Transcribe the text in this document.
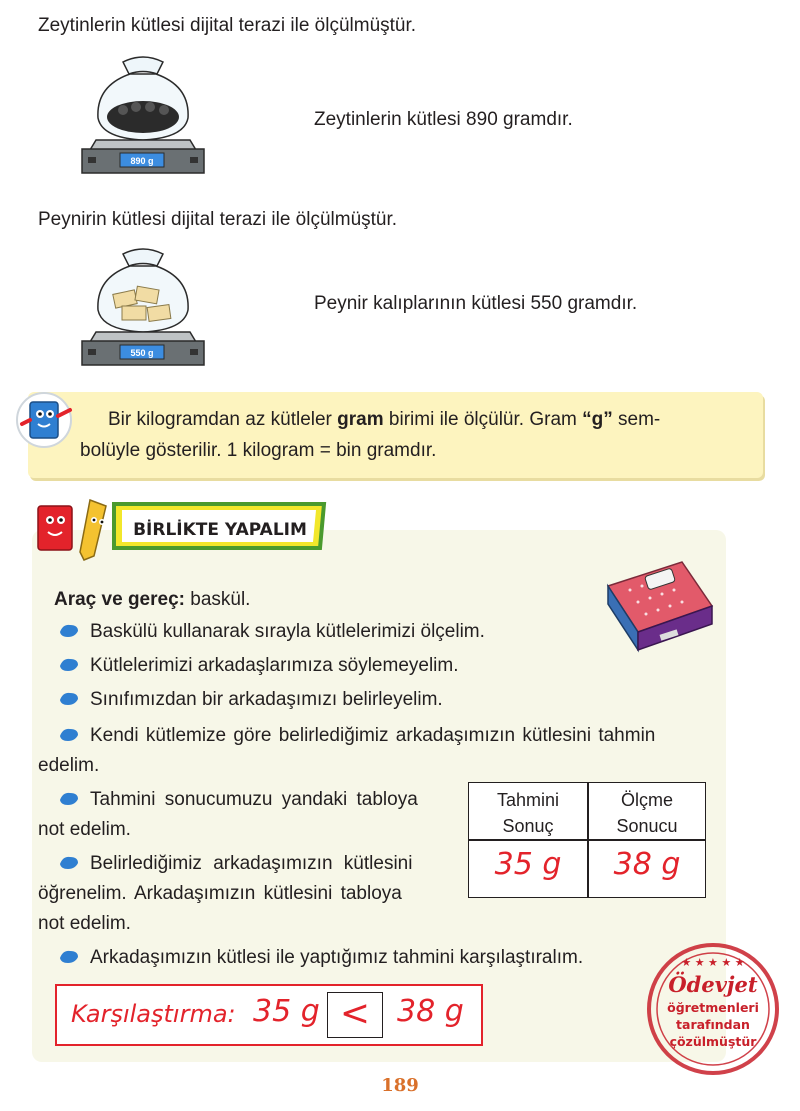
Zeytinlerin kütlesi dijital terazi ile ölçülmüştür.
890 g
Zeytinlerin kütlesi 890 gramdır.
Peynirin kütlesi dijital terazi ile ölçülmüştür.
550 g
Peynir kalıplarının kütlesi 550 gramdır.
Bir kilogramdan az kütleler gram birimi ile ölçülür. Gram “g” sem-
bolüyle gösterilir. 1 kilogram = bin gramdır.
BİRLİKTE YAPALIM
Araç ve gereç: baskül.
Baskülü kullanarak sırayla kütlelerimizi ölçelim.
Kütlelerimizi arkadaşlarımıza söylemeyelim.
Sınıfımızdan bir arkadaşımızı belirleyelim.
Kendi kütlemize göre belirlediğimiz arkadaşımızın kütlesini tahmin
edelim.
Tahmini sonucumuzu yandaki tabloya
not edelim.
Belirlediğimiz arkadaşımızın kütlesini
öğrenelim. Arkadaşımızın kütlesini tabloya
not edelim.
Arkadaşımızın kütlesi ile yaptığımız tahmini karşılaştıralım.
Tahmini
Sonuç
Ölçme
Sonucu
35 g	38 g
Karşılaştırma: 35 g < 38 g
★ ★ ★ ★ ★
Ödevjet
öğretmenleri
tarafından
çözülmüştür
189
